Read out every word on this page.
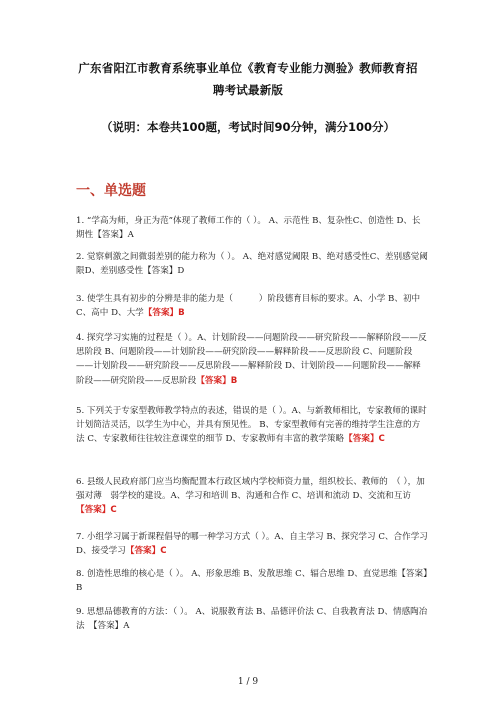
广东省阳江市教育系统事业单位《教育专业能力测验》教师教育招
聘考试最新版
（说明：本卷共100题，考试时间90分钟，满分100分）
一、单选题
1. “学高为师，身正为范”体现了教师工作的（ ）。 A、示范性 B、复杂性C、创造性 D、长期性【答案】A
2. 觉察刺激之间微弱差别的能力称为（ ）。 A、绝对感觉阈限 B、绝对感受性C、差别感觉阈限D、差别感受性【答案】D
3. 使学生具有初步的分辨是非的能力是（　　　）阶段德育目标的要求。A、小学 B、初中 C、高中 D、大学【答案】B
4. 探究学习实施的过程是（ ）。A、计划阶段——问题阶段——研究阶段——解释阶段——反思阶段 B、问题阶段——计划阶段——研究阶段——解释阶段——反思阶段 C、问题阶段——计划阶段——研究阶段——反思阶段——解释阶段 D、计划阶段——问题阶段——解释阶段——研究阶段——反思阶段【答案】B
5. 下列关于专家型教师教学特点的表述，错误的是（ ）。A、与新教师相比，专家教师的课时计划简洁灵活，以学生为中心，并具有预见性。 B、专家型教师有完善的维持学生注意的方法 C、专家教师往往较注意课堂的细节 D、专家教师有丰富的教学策略【答案】C
6. 县级人民政府部门应当均衡配置本行政区域内学校师资力量，组织校长、教师的　（ ），加强对薄　弱学校的建设。A、学习和培训 B、沟通和合作 C、培训和流动 D、交流和互访【答案】C
7. 小组学习属于新课程倡导的哪一种学习方式（ ）。A、自主学习 B、探究学习 C、合作学习 D、接受学习【答案】C
8. 创造性思维的核心是（ ）。 A、形象思维 B、发散思维 C、辐合思维 D、直觉思维【答案】B
9. 思想品德教育的方法：（ ）。 A、说服教育法 B、品德评价法 C、自我教育法 D、情感陶冶法　【答案】A
1 / 9
